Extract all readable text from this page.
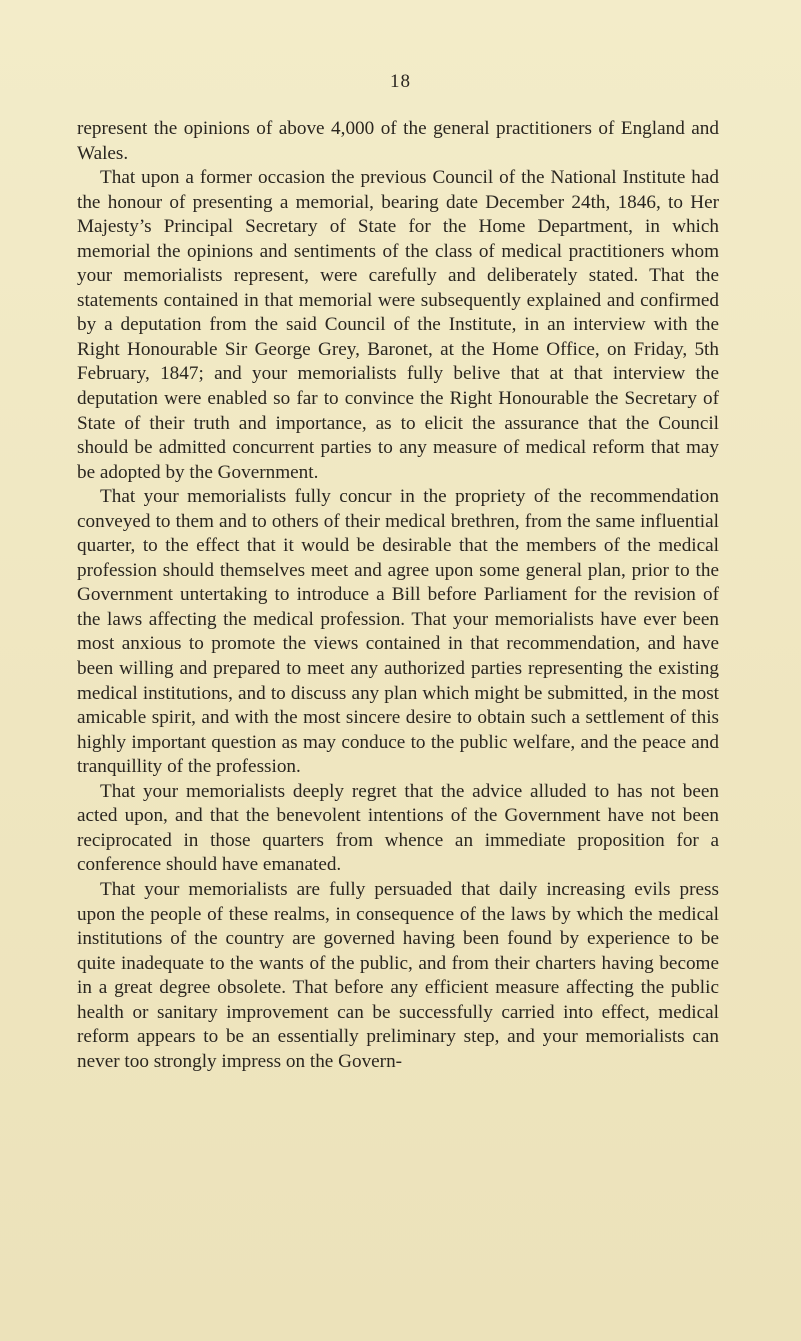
18

represent the opinions of above 4,000 of the general practitioners of England and Wales.

That upon a former occasion the previous Council of the National Institute had the honour of presenting a memorial, bearing date December 24th, 1846, to Her Majesty’s Principal Secretary of State for the Home Department, in which memorial the opinions and sentiments of the class of medical practitioners whom your memorialists represent, were carefully and deliberately stated. That the statements contained in that memorial were subsequently explained and confirmed by a deputation from the said Council of the Institute, in an interview with the Right Honourable Sir George Grey, Baronet, at the Home Office, on Friday, 5th February, 1847; and your memorialists fully belive that at that interview the deputation were enabled so far to convince the Right Honourable the Secretary of State of their truth and importance, as to elicit the assurance that the Council should be admitted concurrent parties to any measure of medical reform that may be adopted by the Government.

That your memorialists fully concur in the propriety of the recommendation conveyed to them and to others of their medical brethren, from the same influential quarter, to the effect that it would be desirable that the members of the medical profession should themselves meet and agree upon some general plan, prior to the Government untertaking to introduce a Bill before Parliament for the revision of the laws affecting the medical profession. That your memorialists have ever been most anxious to promote the views contained in that recommendation, and have been willing and prepared to meet any authorized parties representing the existing medical institutions, and to discuss any plan which might be submitted, in the most amicable spirit, and with the most sincere desire to obtain such a settlement of this highly important question as may conduce to the public welfare, and the peace and tranquillity of the profession.

That your memorialists deeply regret that the advice alluded to has not been acted upon, and that the benevolent intentions of the Government have not been reciprocated in those quarters from whence an immediate proposition for a conference should have emanated.

That your memorialists are fully persuaded that daily increasing evils press upon the people of these realms, in consequence of the laws by which the medical institutions of the country are governed having been found by experience to be quite inadequate to the wants of the public, and from their charters having become in a great degree obsolete. That before any efficient measure affecting the public health or sanitary improvement can be successfully carried into effect, medical reform appears to be an essentially preliminary step, and your memorialists can never too strongly impress on the Govern-
